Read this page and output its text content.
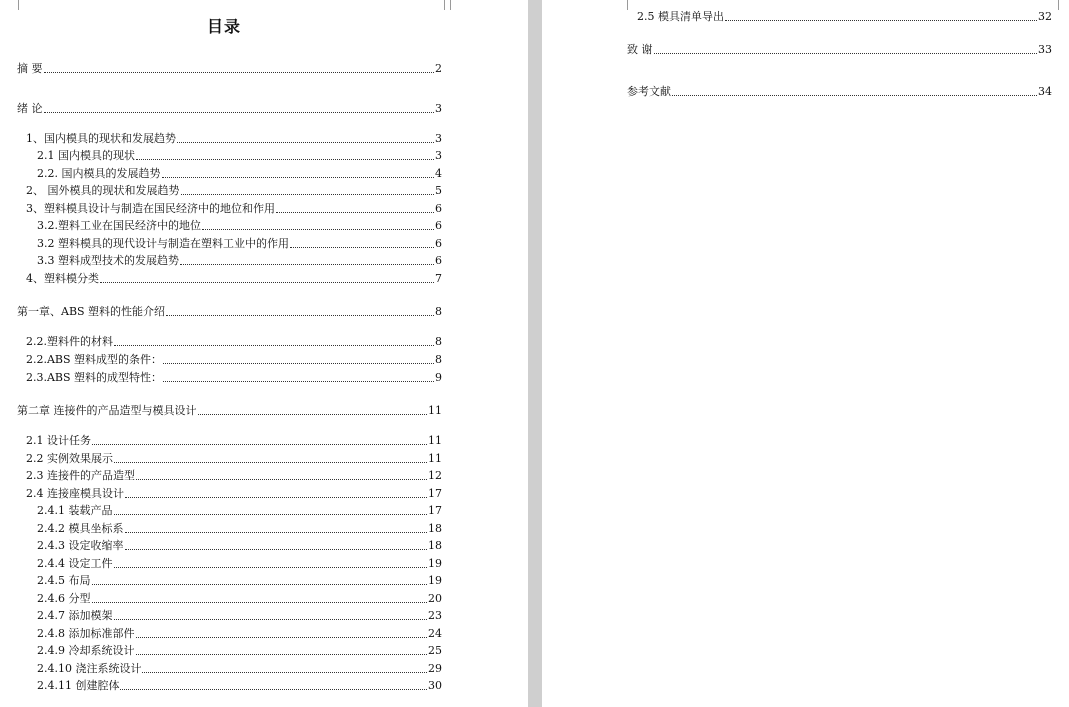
目录
摘 要	2
绪 论	3
1、国内模具的现状和发展趋势	3
2.1 国内模具的现状	3
2.2. 国内模具的发展趋势	4
2、 国外模具的现状和发展趋势	5
3、塑料模具设计与制造在国民经济中的地位和作用	6
3.2.塑料工业在国民经济中的地位	6
3.2 塑料模具的现代设计与制造在塑料工业中的作用	6
3.3 塑料成型技术的发展趋势	6
4、塑料模分类	7
第一章、ABS 塑料的性能介绍	8
2.2.塑料件的材料	8
2.2.ABS 塑料成型的条件：	8
2.3.ABS 塑料的成型特性：	9
第二章 连接件的产品造型与模具设计	11
2.1 设计任务	11
2.2 实例效果展示	11
2.3 连接件的产品造型	12
2.4 连接座模具设计	17
2.4.1 装载产品	17
2.4.2 模具坐标系	18
2.4.3 设定收缩率	18
2.4.4 设定工件	19
2.4.5 布局	19
2.4.6 分型	20
2.4.7 添加模架	23
2.4.8 添加标准部件	24
2.4.9 冷却系统设计	25
2.4.10 浇注系统设计	29
2.4.11 创建腔体	30
2.5 模具清单导出	32
致 谢	33
参考文献	34
